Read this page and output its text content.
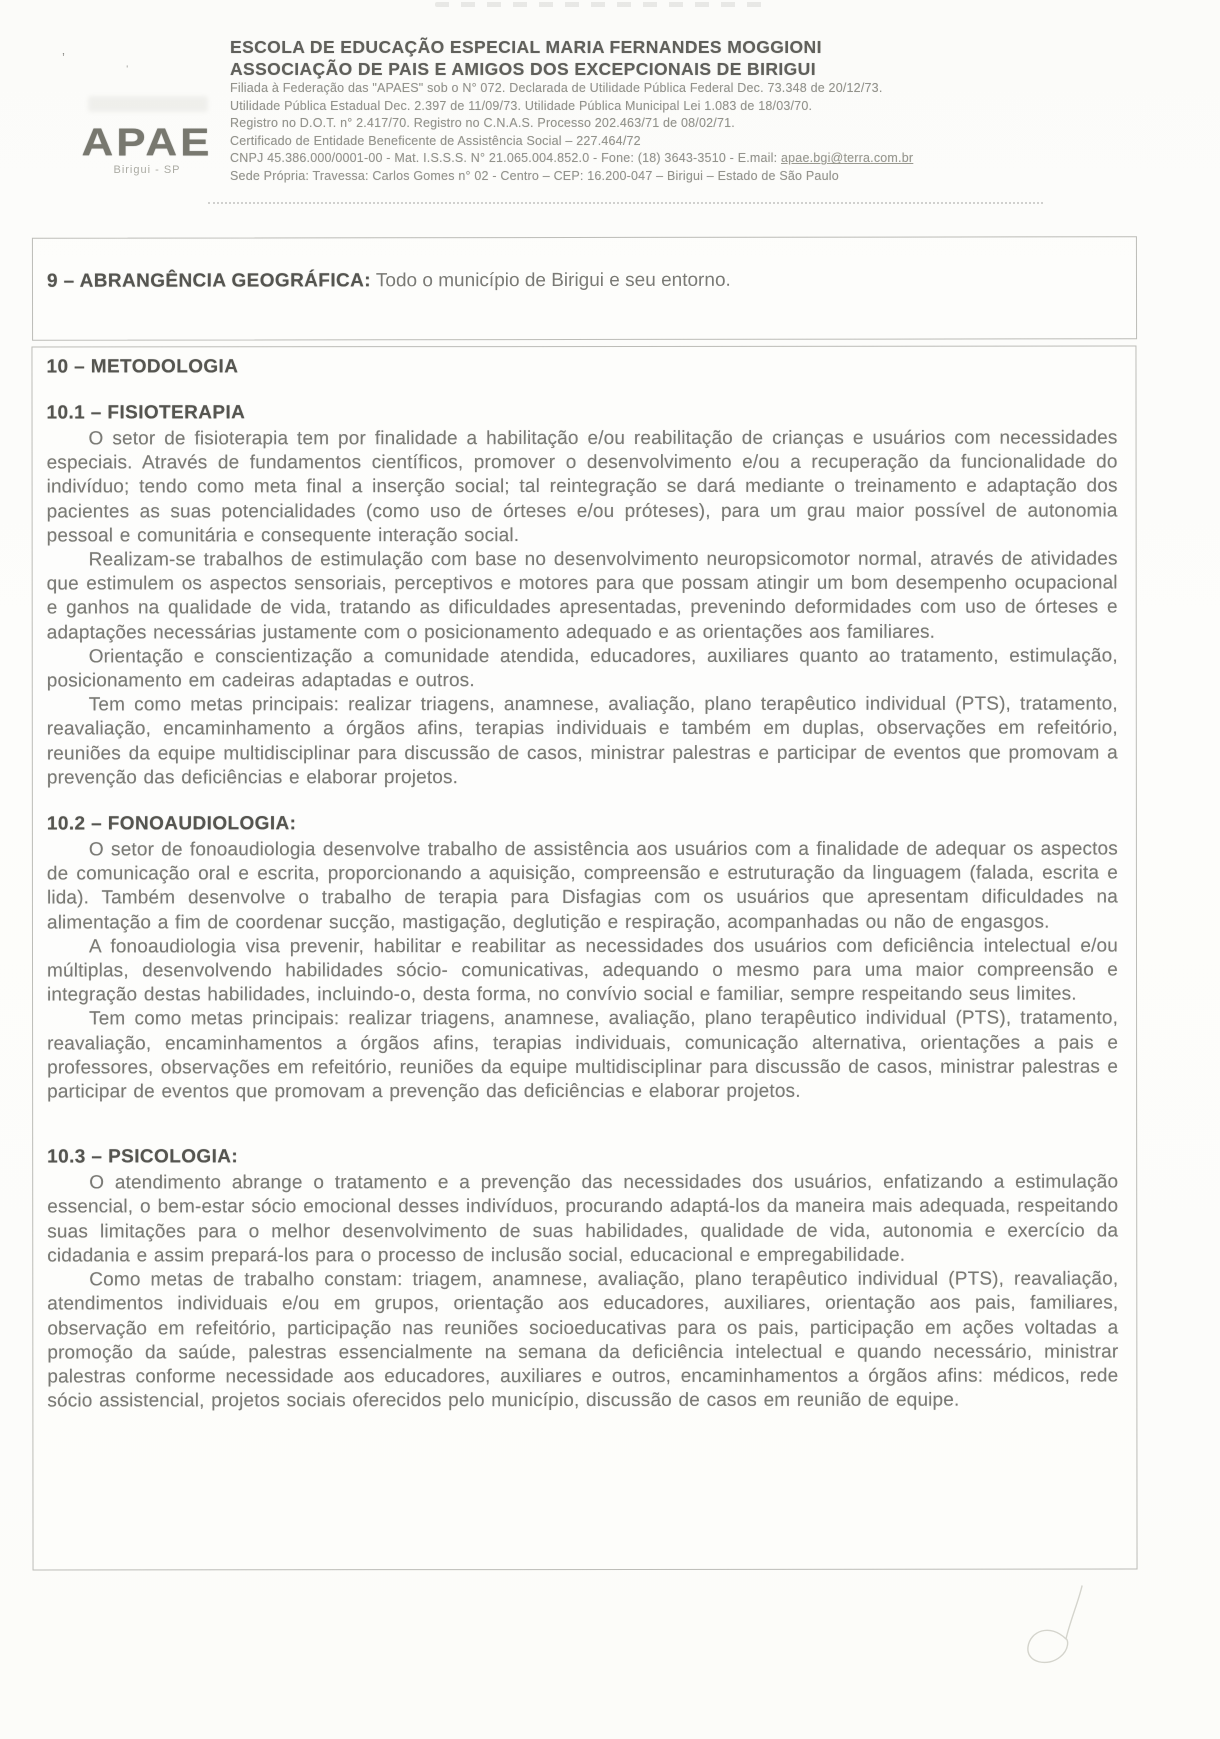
’	ˌ
APAE
Birigui - SP
ESCOLA DE EDUCAÇÃO ESPECIAL MARIA FERNANDES MOGGIONI
ASSOCIAÇÃO DE PAIS E AMIGOS DOS EXCEPCIONAIS DE BIRIGUI
Filiada à Federação das "APAES" sob o N° 072. Declarada de Utilidade Pública Federal Dec. 73.348 de 20/12/73.
Utilidade Pública Estadual Dec. 2.397 de 11/09/73. Utilidade Pública Municipal Lei 1.083 de 18/03/70.
Registro no D.O.T. n° 2.417/70. Registro no C.N.A.S. Processo 202.463/71 de 08/02/71.
Certificado de Entidade Beneficente de Assistência Social – 227.464/72
CNPJ 45.386.000/0001-00 - Mat. I.S.S.S. N° 21.065.004.852.0 - Fone: (18) 3643-3510 - E.mail: apae.bgi@terra.com.br
Sede Própria: Travessa: Carlos Gomes n° 02 - Centro – CEP: 16.200-047 – Birigui – Estado de São Paulo

9 – ABRANGÊNCIA GEOGRÁFICA: Todo o município de Birigui e seu entorno.

10 – METODOLOGIA
10.1 – FISIOTERAPIA

O setor de fisioterapia tem por finalidade a habilitação e/ou reabilitação de crianças e usuários com necessidades especiais. Através de fundamentos científicos, promover o desenvolvimento e/ou a recuperação da funcionalidade do indivíduo; tendo como meta final a inserção social; tal reintegração se dará mediante o treinamento e adaptação dos pacientes as suas potencialidades (como uso de órteses e/ou próteses), para um grau maior possível de autonomia pessoal e comunitária e consequente interação social.

Realizam-se trabalhos de estimulação com base no desenvolvimento neuropsicomotor normal, através de atividades que estimulem os aspectos sensoriais, perceptivos e motores para que possam atingir um bom desempenho ocupacional e ganhos na qualidade de vida, tratando as dificuldades apresentadas, prevenindo deformidades com uso de órteses e adaptações necessárias justamente com o posicionamento adequado e as orientações aos familiares.

Orientação e conscientização a comunidade atendida, educadores, auxiliares quanto ao tratamento, estimulação, posicionamento em cadeiras adaptadas e outros.

Tem como metas principais: realizar triagens, anamnese, avaliação, plano terapêutico individual (PTS), tratamento, reavaliação, encaminhamento a órgãos afins, terapias individuais e também em duplas, observações em refeitório, reuniões da equipe multidisciplinar para discussão de casos, ministrar palestras e participar de eventos que promovam a prevenção das deficiências e elaborar projetos.

10.2 – FONOAUDIOLOGIA:

O setor de fonoaudiologia desenvolve trabalho de assistência aos usuários com a finalidade de adequar os aspectos de comunicação oral e escrita, proporcionando a aquisição, compreensão e estruturação da linguagem (falada, escrita e lida). Também desenvolve o trabalho de terapia para Disfagias com os usuários que apresentam dificuldades na alimentação a fim de coordenar sucção, mastigação, deglutição e respiração, acompanhadas ou não de engasgos.

A fonoaudiologia visa prevenir, habilitar e reabilitar as necessidades dos usuários com deficiência intelectual e/ou múltiplas, desenvolvendo habilidades sócio- comunicativas, adequando o mesmo para uma maior compreensão e integração destas habilidades, incluindo-o, desta forma, no convívio social e familiar, sempre respeitando seus limites.

Tem como metas principais: realizar triagens, anamnese, avaliação, plano terapêutico individual (PTS), tratamento, reavaliação, encaminhamentos a órgãos afins, terapias individuais, comunicação alternativa, orientações a pais e professores, observações em refeitório, reuniões da equipe multidisciplinar para discussão de casos, ministrar palestras e participar de eventos que promovam a prevenção das deficiências e elaborar projetos.

10.3 – PSICOLOGIA:

O atendimento abrange o tratamento e a prevenção das necessidades dos usuários, enfatizando a estimulação essencial, o bem-estar sócio emocional desses indivíduos, procurando adaptá-los da maneira mais adequada, respeitando suas limitações para o melhor desenvolvimento de suas habilidades, qualidade de vida, autonomia e exercício da cidadania e assim prepará-los para o processo de inclusão social, educacional e empregabilidade.

Como metas de trabalho constam: triagem, anamnese, avaliação, plano terapêutico individual (PTS), reavaliação, atendimentos individuais e/ou em grupos, orientação aos educadores, auxiliares, orientação aos pais, familiares, observação em refeitório, participação nas reuniões socioeducativas para os pais, participação em ações voltadas a promoção da saúde, palestras essencialmente na semana da deficiência intelectual e quando necessário, ministrar palestras conforme necessidade aos educadores, auxiliares e outros, encaminhamentos a órgãos afins: médicos, rede sócio assistencial, projetos sociais oferecidos pelo município, discussão de casos em reunião de equipe.
